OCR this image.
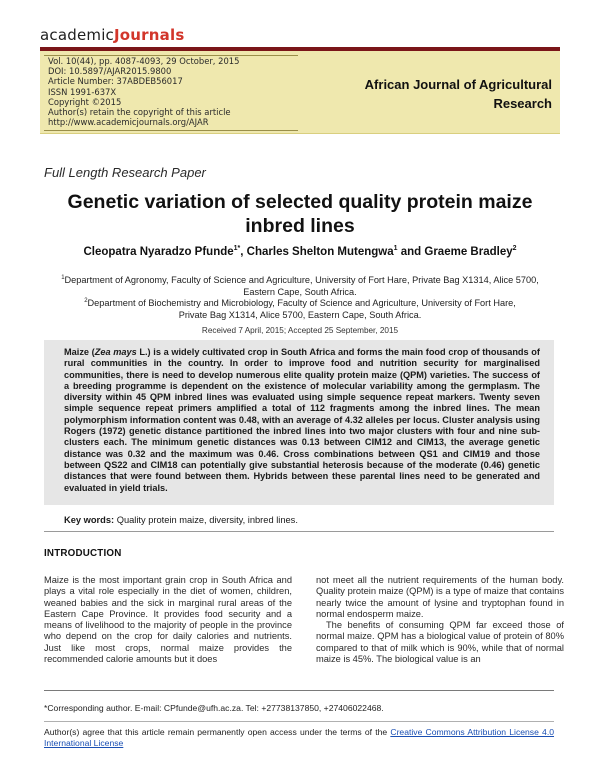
academicJournals
Vol. 10(44), pp. 4087-4093, 29 October, 2015
DOI: 10.5897/AJAR2015.9800
Article Number: 37ABDEB56017
ISSN 1991-637X
Copyright ©2015
Author(s) retain the copyright of this article
http://www.academicjournals.org/AJAR
African Journal of Agricultural
Research
Full Length Research Paper
Genetic variation of selected quality protein maize
inbred lines
Cleopatra Nyaradzo Pfunde$^{1*}$, Charles Shelton Mutengwa$^1$ and Graeme Bradley$^2$
$^1$Department of Agronomy, Faculty of Science and Agriculture, University of Fort Hare, Private Bag X1314, Alice 5700,
Eastern Cape, South Africa.
$^2$Department of Biochemistry and Microbiology, Faculty of Science and Agriculture, University of Fort Hare,
Private Bag X1314, Alice 5700, Eastern Cape, South Africa.
Received 7 April, 2015; Accepted 25 September, 2015

Maize (Zea mays L.) is a widely cultivated crop in South Africa and forms the main food crop of thousands of rural communities in the country. In order to improve food and nutrition security for marginalised communities, there is need to develop numerous elite quality protein maize (QPM) varieties. The success of a breeding programme is dependent on the existence of molecular variability among the germplasm. The diversity within 45 QPM inbred lines was evaluated using simple sequence repeat markers. Twenty seven simple sequence repeat primers amplified a total of 112 fragments among the inbred lines. The mean polymorphism information content was 0.48, with an average of 4.32 alleles per locus. Cluster analysis using Rogers (1972) genetic distance partitioned the inbred lines into two major clusters with four and nine sub-clusters each. The minimum genetic distances was 0.13 between CIM12 and CIM13, the average genetic distance was 0.32 and the maximum was 0.46. Cross combinations between QS1 and CIM19 and those between QS22 and CIM18 can potentially give substantial heterosis because of the moderate (0.46) genetic distances that were found between them. Hybrids between these parental lines need to be generated and evaluated in yield trials.

Key words: Quality protein maize, diversity, inbred lines.
INTRODUCTION

Maize is the most important grain crop in South Africa and plays a vital role especially in the diet of women, children, weaned babies and the sick in marginal rural areas of the Eastern Cape Province. It provides food security and a means of livelihood to the majority of people in the province who depend on the crop for daily calories and nutrients. Just like most crops, normal maize provides the recommended calorie amounts but it does

not meet all the nutrient requirements of the human body. Quality protein maize (QPM) is a type of maize that contains nearly twice the amount of lysine and tryptophan found in normal endosperm maize.

The benefits of consuming QPM far exceed those of normal maize. QPM has a biological value of protein of 80% compared to that of milk which is 90%, while that of normal maize is 45%. The biological value is an

*Corresponding author. E-mail: CPfunde@ufh.ac.za. Tel: +27738137850, +27406022468.
Author(s) agree that this article remain permanently open access under the terms of the Creative Commons Attribution License 4.0 International License
